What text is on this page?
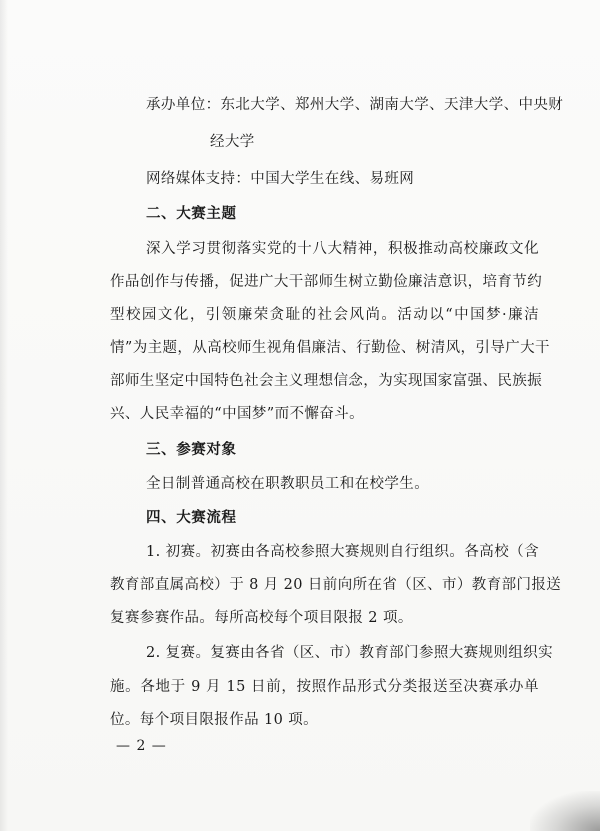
承办单位：东北大学、郑州大学、湖南大学、天津大学、中央财
经大学
网络媒体支持：中国大学生在线、易班网
二、大赛主题
深入学习贯彻落实党的十八大精神，积极推动高校廉政文化
作品创作与传播，促进广大干部师生树立勤俭廉洁意识，培育节约
型校园文化，引领廉荣贪耻的社会风尚。活动以“中国梦·廉洁
情”为主题，从高校师生视角倡廉洁、行勤俭、树清风，引导广大干
部师生坚定中国特色社会主义理想信念，为实现国家富强、民族振
兴、人民幸福的“中国梦”而不懈奋斗。
三、参赛对象
全日制普通高校在职教职员工和在校学生。
四、大赛流程
1. 初赛。初赛由各高校参照大赛规则自行组织。各高校（含
教育部直属高校）于 8 月 20 日前向所在省（区、市）教育部门报送
复赛参赛作品。每所高校每个项目限报 2 项。
2. 复赛。复赛由各省（区、市）教育部门参照大赛规则组织实
施。各地于 9 月 15 日前，按照作品形式分类报送至决赛承办单
位。每个项目限报作品 10 项。
— 2 —
